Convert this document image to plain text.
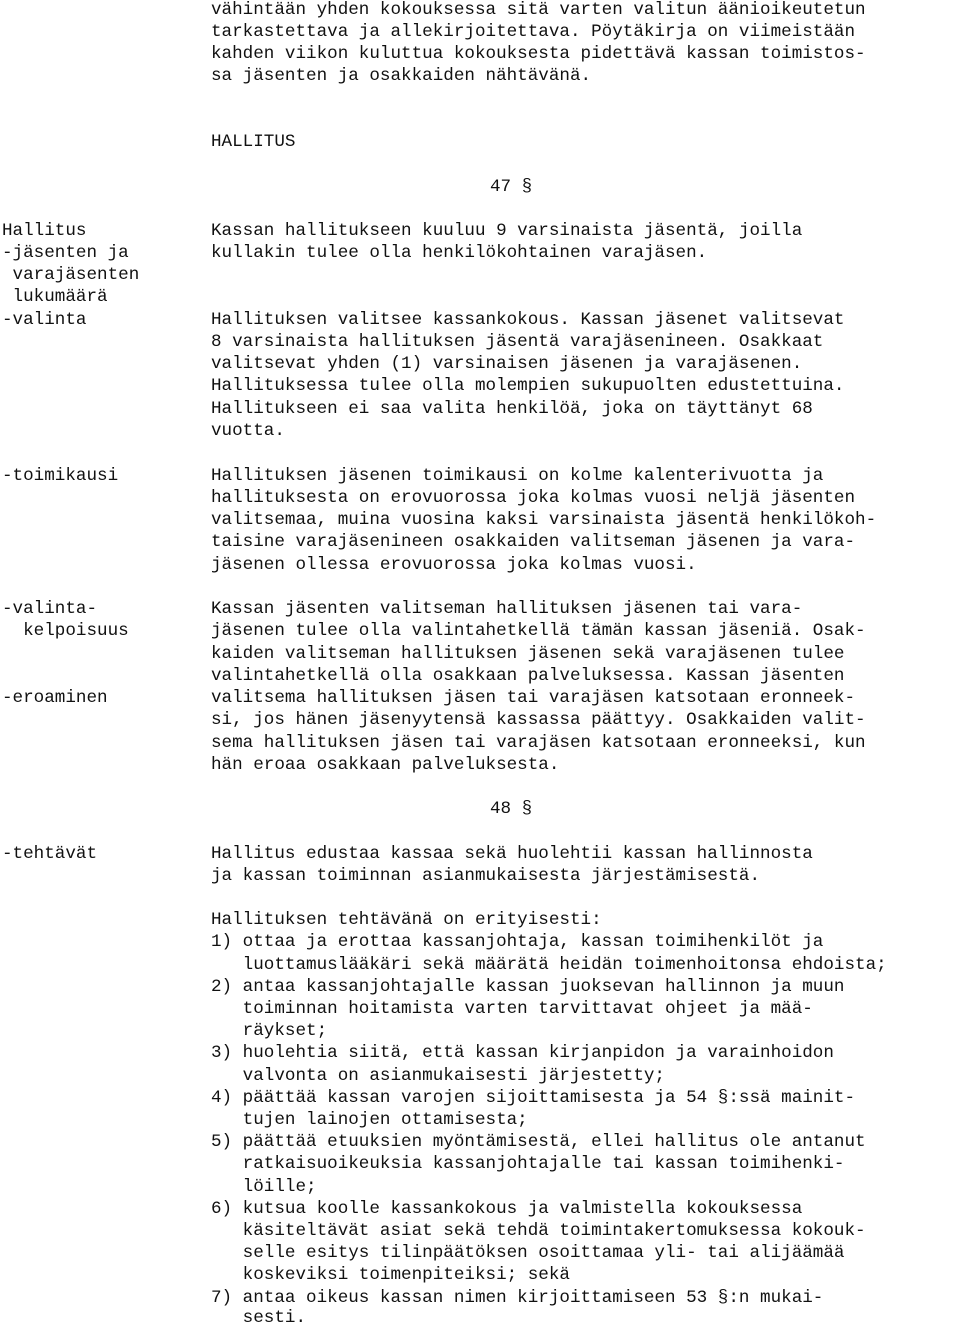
vähintään yhden kokouksessa sitä varten valitun äänioikeutetun
tarkastettava ja allekirjoitettava. Pöytäkirja on viimeistään
kahden viikon kuluttua kokouksesta pidettävä kassan toimistos-
sa jäsenten ja osakkaiden nähtävänä.
HALLITUS
47 §
Hallitus
-jäsenten ja
varajäsenten
lukumäärä
-valinta
-toimikausi
-valinta-
kelpoisuus
-eroaminen
Kassan hallitukseen kuuluu 9 varsinaista jäsentä, joilla
kullakin tulee olla henkilökohtainen varajäsen.
Hallituksen valitsee kassankokous. Kassan jäsenet valitsevat
8 varsinaista hallituksen jäsentä varajäsenineen. Osakkaat
valitsevat yhden (1) varsinaisen jäsenen ja varajäsenen.
Hallituksessa tulee olla molempien sukupuolten edustettuina.
Hallitukseen ei saa valita henkilöä, joka on täyttänyt 68
vuotta.
Hallituksen jäsenen toimikausi on kolme kalenterivuotta ja
hallituksesta on erovuorossa joka kolmas vuosi neljä jäsenten
valitsemaa, muina vuosina kaksi varsinaista jäsentä henkilökoh-
taisine varajäsenineen osakkaiden valitseman jäsenen ja vara-
jäsenen ollessa erovuorossa joka kolmas vuosi.
Kassan jäsenten valitseman hallituksen jäsenen tai vara-
jäsenen tulee olla valintahetkellä tämän kassan jäseniä. Osak-
kaiden valitseman hallituksen jäsenen sekä varajäsenen tulee
valintahetkellä olla osakkaan palveluksessa. Kassan jäsenten
valitsema hallituksen jäsen tai varajäsen katsotaan eronneek-
si, jos hänen jäsenyytensä kassassa päättyy. Osakkaiden valit-
sema hallituksen jäsen tai varajäsen katsotaan eronneeksi, kun
hän eroaa osakkaan palveluksesta.
48 §
-tehtävät	Hallitus edustaa kassaa sekä huolehtii kassan hallinnosta
ja kassan toiminnan asianmukaisesta järjestämisestä.
Hallituksen tehtävänä on erityisesti:
1) ottaa ja erottaa kassanjohtaja, kassan toimihenkilöt ja
luottamuslääkäri sekä määrätä heidän toimenhoitonsa ehdoista;
2) antaa kassanjohtajalle kassan juoksevan hallinnon ja muun
toiminnan hoitamista varten tarvittavat ohjeet ja mää-
räykset;
3) huolehtia siitä, että kassan kirjanpidon ja varainhoidon
valvonta on asianmukaisesti järjestetty;
4) päättää kassan varojen sijoittamisesta ja 54 §:ssä mainit-
tujen lainojen ottamisesta;
5) päättää etuuksien myöntämisestä, ellei hallitus ole antanut
ratkaisuoikeuksia kassanjohtajalle tai kassan toimihenki-
löille;
6) kutsua koolle kassankokous ja valmistella kokouksessa
käsiteltävät asiat sekä tehdä toimintakertomuksessa kokouk-
selle esitys tilinpäätöksen osoittamaa yli- tai alijäämää
koskeviksi toimenpiteiksi; sekä
7) antaa oikeus kassan nimen kirjoittamiseen 53 §:n mukai-
sesti.
